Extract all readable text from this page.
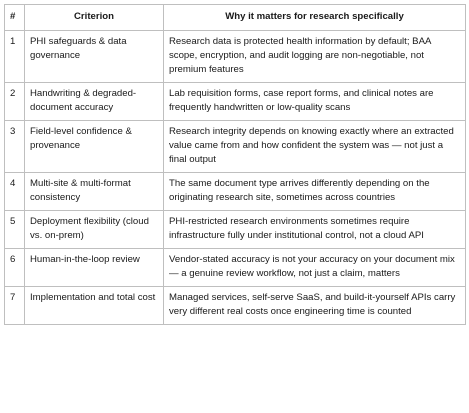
#	Criterion	Why it matters for research specifically
1	PHI safeguards & data governance	Research data is protected health information by default; BAA scope, encryption, and audit logging are non-negotiable, not premium features
2	Handwriting & degraded-document accuracy	Lab requisition forms, case report forms, and clinical notes are frequently handwritten or low-quality scans
3	Field-level confidence & provenance	Research integrity depends on knowing exactly where an extracted value came from and how confident the system was — not just a final output
4	Multi-site & multi-format consistency	The same document type arrives differently depending on the originating research site, sometimes across countries
5	Deployment flexibility (cloud vs. on-prem)	PHI-restricted research environments sometimes require infrastructure fully under institutional control, not a cloud API
6	Human-in-the-loop review	Vendor-stated accuracy is not your accuracy on your document mix — a genuine review workflow, not just a claim, matters
7	Implementation and total cost	Managed services, self-serve SaaS, and build-it-yourself APIs carry very different real costs once engineering time is counted
